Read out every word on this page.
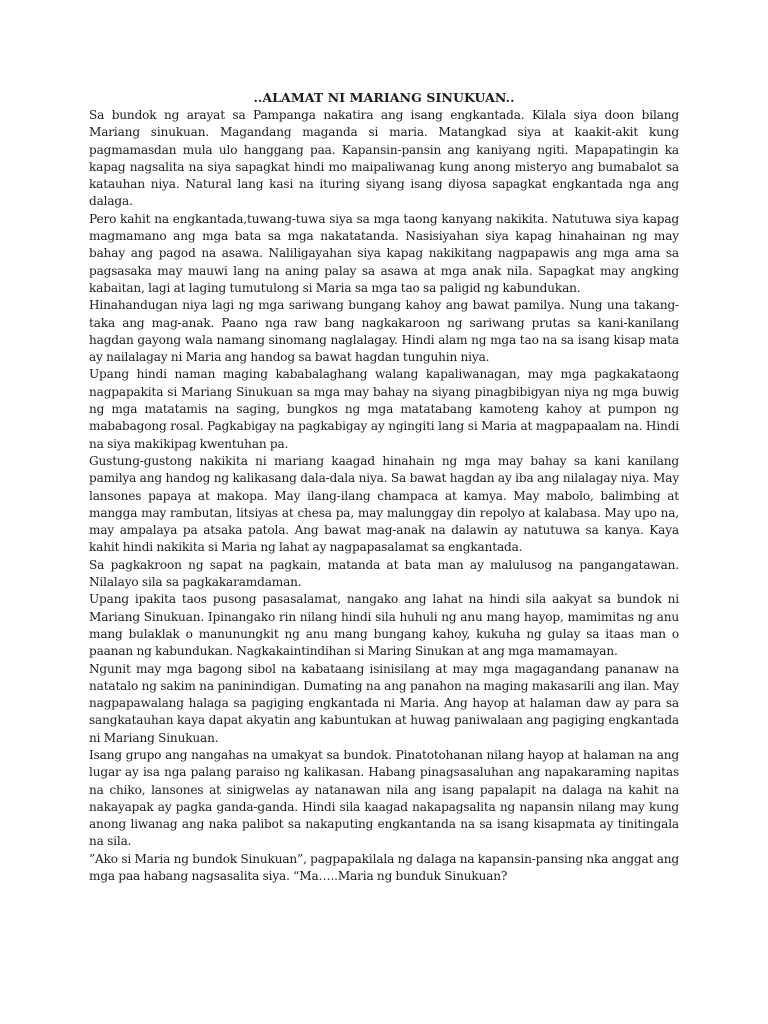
..ALAMAT NI MARIANG SINUKUAN..

Sa bundok ng arayat sa Pampanga nakatira ang isang engkantada. Kilala siya doon bilang Mariang sinukuan. Magandang maganda si maria. Matangkad siya at kaakit-akit kung pagmamasdan mula ulo hanggang paa. Kapansin-pansin ang kaniyang ngiti. Mapapatingin ka kapag nagsalita na siya sapagkat hindi mo maipaliwanag kung anong misteryo ang bumabalot sa katauhan niya. Natural lang kasi na ituring siyang isang diyosa sapagkat engkantada nga ang dalaga.

Pero kahit na engkantada,tuwang-tuwa siya sa mga taong kanyang nakikita. Natutuwa siya kapag magmamano ang mga bata sa mga nakatatanda. Nasisiyahan siya kapag hinahainan ng may bahay ang pagod na asawa. Naliligayahan siya kapag nakikitang nagpapawis ang mga ama sa pagsasaka may mauwi lang na aning palay sa asawa at mga anak nila. Sapagkat may angking kabaitan, lagi at laging tumutulong si Maria sa mga tao sa paligid ng kabundukan.

Hinahandugan niya lagi ng mga sariwang bungang kahoy ang bawat pamilya. Nung una takang-taka ang mag-anak. Paano nga raw bang nagkakaroon ng sariwang prutas sa kani-kanilang hagdan gayong wala namang sinomang naglalagay. Hindi alam ng mga tao na sa isang kisap mata ay nailalagay ni Maria ang handog sa bawat hagdan tunguhin niya.

Upang hindi naman maging kababalaghang walang kapaliwanagan, may mga pagkakataong nagpapakita si Mariang Sinukuan sa mga may bahay na siyang pinagbibigyan niya ng mga buwig ng mga matatamis na saging, bungkos ng mga matatabang kamoteng kahoy at pumpon ng mababagong rosal. Pagkabigay na pagkabigay ay ngingiti lang si Maria at magpapaalam na. Hindi na siya makikipag kwentuhan pa.

Gustung-gustong nakikita ni mariang kaagad hinahain ng mga may bahay sa kani kanilang pamilya ang handog ng kalikasang dala-dala niya. Sa bawat hagdan ay iba ang nilalagay niya. May lansones papaya at makopa. May ilang-ilang champaca at kamya. May mabolo, balimbing at mangga may rambutan, litsiyas at chesa pa, may malunggay din repolyo at kalabasa. May upo na, may ampalaya pa atsaka patola. Ang bawat mag-anak na dalawin ay natutuwa sa kanya. Kaya kahit hindi nakikita si Maria ng lahat ay nagpapasalamat sa engkantada.

Sa pagkakroon ng sapat na pagkain, matanda at bata man ay malulusog na pangangatawan. Nilalayo sila sa pagkakaramdaman.

Upang ipakita taos pusong pasasalamat, nangako ang lahat na hindi sila aakyat sa bundok ni Mariang Sinukuan. Ipinangako rin nilang hindi sila huhuli ng anu mang hayop, mamimitas ng anu mang bulaklak o manunungkit ng anu mang bungang kahoy, kukuha ng gulay sa itaas man o paanan ng kabundukan. Nagkakaintindihan si Maring Sinukan at ang mga mamamayan.

Ngunit may mga bagong sibol na kabataang isinisilang at may mga magagandang pananaw na natatalo ng sakim na paninindigan. Dumating na ang panahon na maging makasarili ang ilan. May nagpapawalang halaga sa pagiging engkantada ni Maria. Ang hayop at halaman daw ay para sa sangkatauhan kaya dapat akyatin ang kabuntukan at huwag paniwalaan ang pagiging engkantada ni Mariang Sinukuan.

Isang grupo ang nangahas na umakyat sa bundok. Pinatotohanan nilang hayop at halaman na ang lugar ay isa nga palang paraiso ng kalikasan. Habang pinagsasaluhan ang napakaraming napitas na chiko, lansones at sinigwelas ay natanawan nila ang isang papalapit na dalaga na kahit na nakayapak ay pagka ganda-ganda. Hindi sila kaagad nakapagsalita ng napansin nilang may kung anong liwanag ang naka palibot sa nakaputing engkantanda na sa isang kisapmata ay tinitingala na sila.

”Ako si Maria ng bundok Sinukuan”, pagpapakilala ng dalaga na kapansin-pansing nka anggat ang mga paa habang nagsasalita siya. “Ma…..Maria ng bunduk Sinukuan?
